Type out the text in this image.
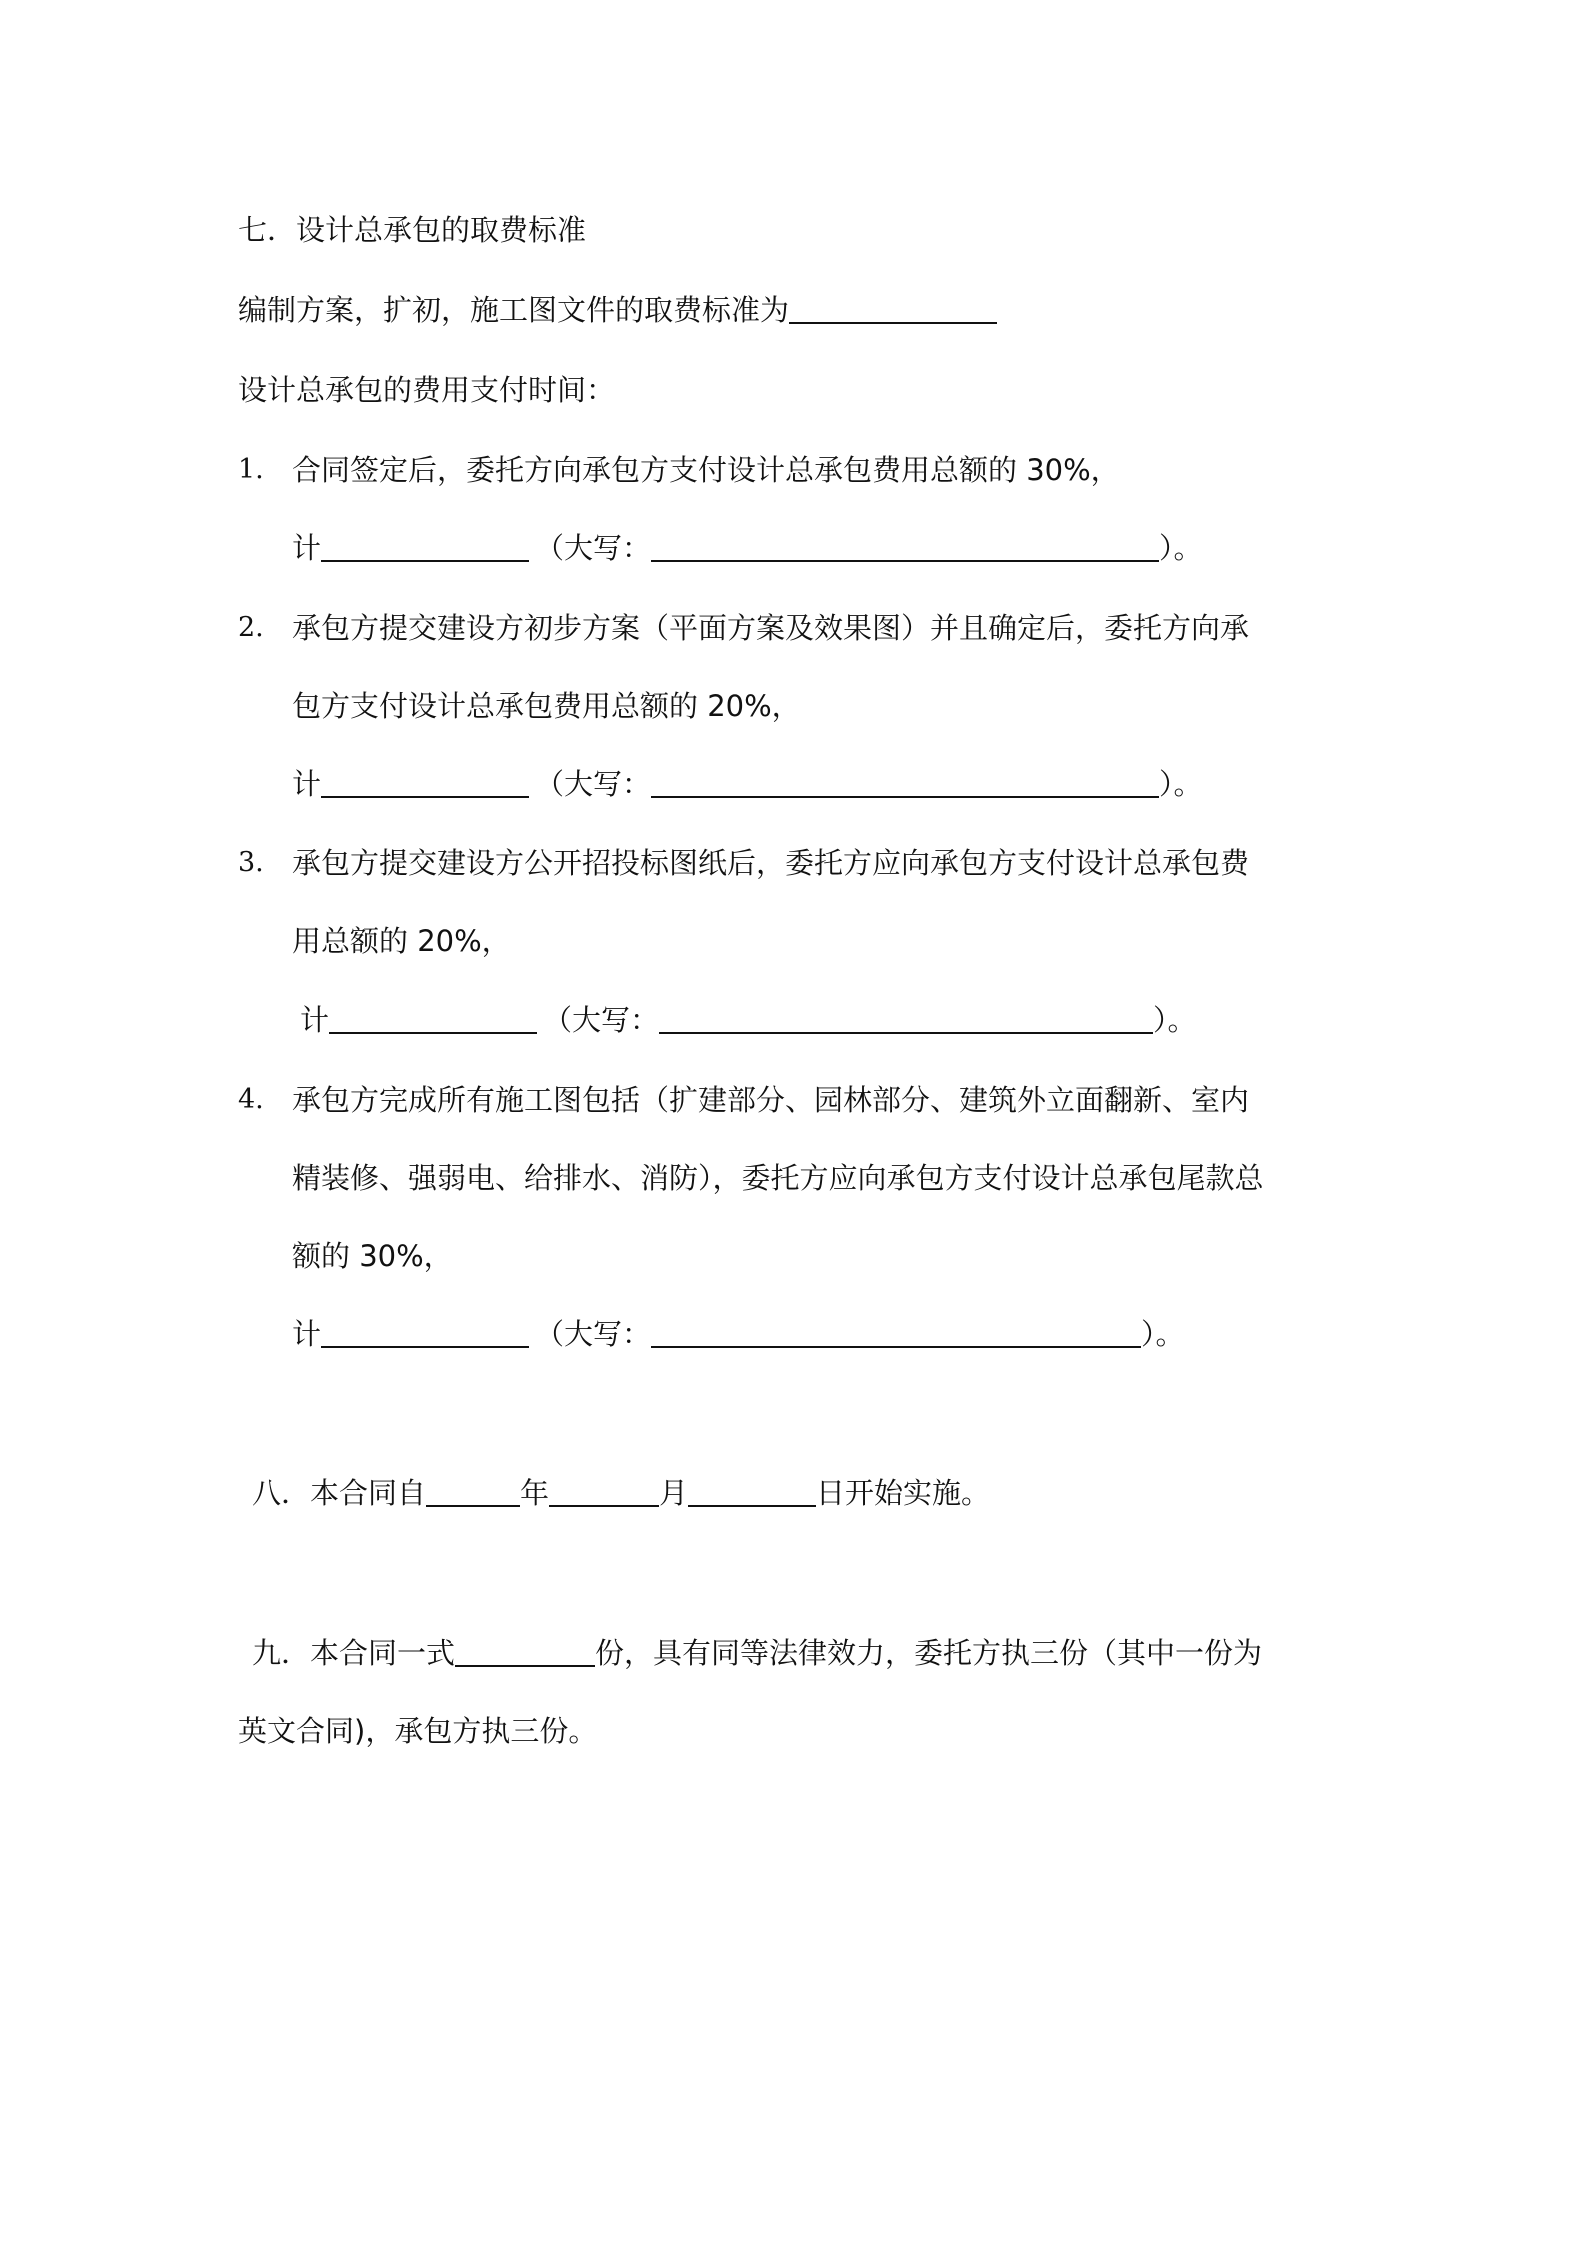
七．设计总承包的取费标准
编制方案，扩初，施工图文件的取费标准为
设计总承包的费用支付时间：
1. 合同签定后，委托方向承包方支付设计总承包费用总额的 30%，
计	（大写：	）。
2. 承包方提交建设方初步方案（平面方案及效果图）并且确定后，委托方向承
包方支付设计总承包费用总额的 20%，
计	（大写：	）。
3. 承包方提交建设方公开招投标图纸后，委托方应向承包方支付设计总承包费
用总额的 20%，
计	（大写：	）。
4. 承包方完成所有施工图包括（扩建部分、园林部分、建筑外立面翻新、室内
精装修、强弱电、给排水、消防），委托方应向承包方支付设计总承包尾款总
额的 30%，
计	（大写：	）。
八．本合同自	年	月	日开始实施。
九．本合同一式	份，具有同等法律效力，委托方执三份（其中一份为
英文合同)，承包方执三份。
